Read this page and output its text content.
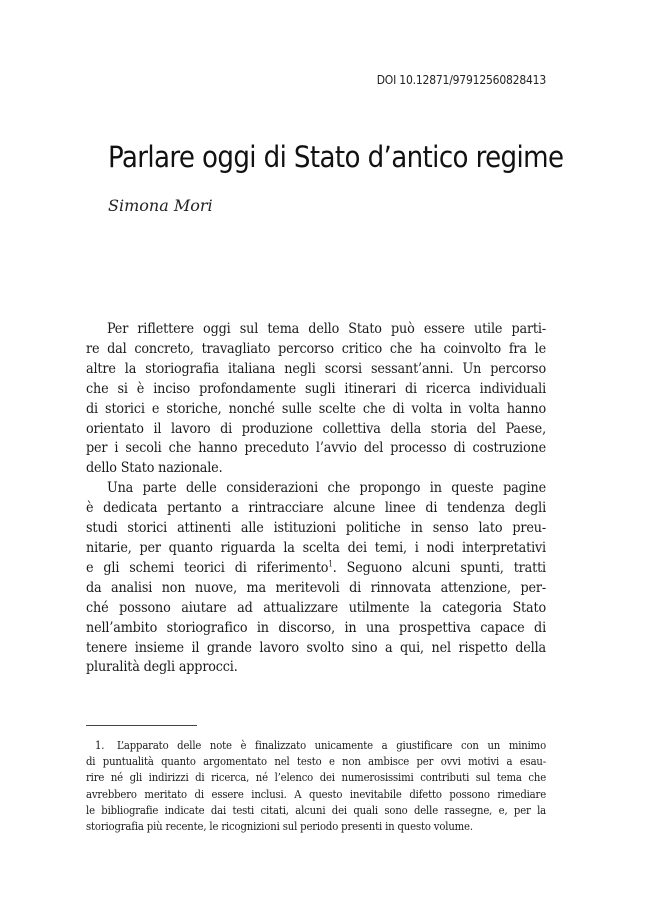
DOI 10.12871/97912560828413
Parlare oggi di Stato d’antico regime
Simona Mori
Per riflettere oggi sul tema dello Stato può essere utile parti-
re dal concreto, travagliato percorso critico che ha coinvolto fra le
altre la storiografia italiana negli scorsi sessant’anni. Un percorso
che si è inciso profondamente sugli itinerari di ricerca individuali
di storici e storiche, nonché sulle scelte che di volta in volta hanno
orientato il lavoro di produzione collettiva della storia del Paese,
per i secoli che hanno preceduto l’avvio del processo di costruzione
dello Stato nazionale.
Una parte delle considerazioni che propongo in queste pagine
è dedicata pertanto a rintracciare alcune linee di tendenza degli
studi storici attinenti alle istituzioni politiche in senso lato preu-
nitarie, per quanto riguarda la scelta dei temi, i nodi interpretativi
e gli schemi teorici di riferimento$^1$. Seguono alcuni spunti, tratti
da analisi non nuove, ma meritevoli di rinnovata attenzione, per-
ché possono aiutare ad attualizzare utilmente la categoria Stato
nell’ambito storiografico in discorso, in una prospettiva capace di
tenere insieme il grande lavoro svolto sino a qui, nel rispetto della
pluralità degli approcci.
1. L’apparato delle note è finalizzato unicamente a giustificare con un minimo
di puntualità quanto argomentato nel testo e non ambisce per ovvi motivi a esau-
rire né gli indirizzi di ricerca, né l’elenco dei numerosissimi contributi sul tema che
avrebbero meritato di essere inclusi. A questo inevitabile difetto possono rimediare
le bibliografie indicate dai testi citati, alcuni dei quali sono delle rassegne, e, per la
storiografia più recente, le ricognizioni sul periodo presenti in questo volume.
